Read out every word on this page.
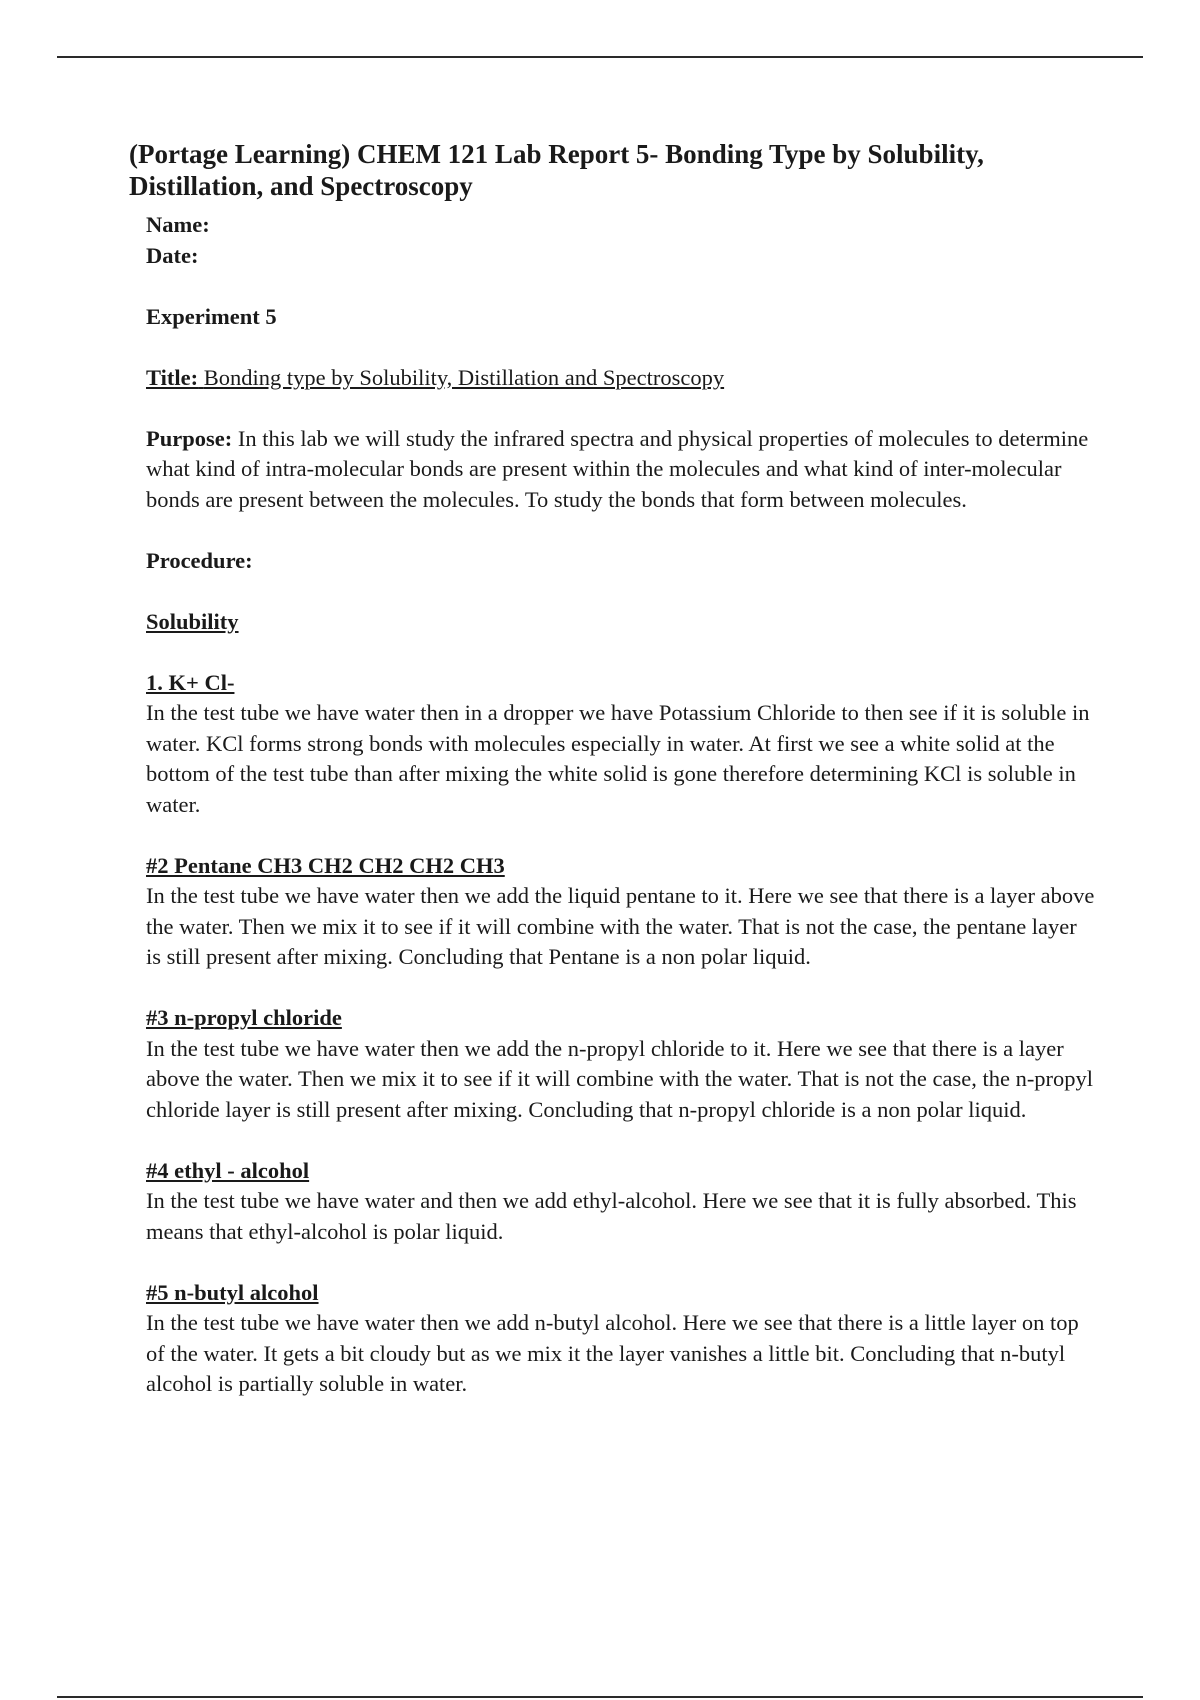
(Portage Learning) CHEM 121 Lab Report 5- Bonding Type by Solubility, Distillation, and Spectroscopy

Name:

Date:

Experiment 5

Title: Bonding type by Solubility, Distillation and Spectroscopy

Purpose: In this lab we will study the infrared spectra and physical properties of molecules to determine what kind of intra-molecular bonds are present within the molecules and what kind of inter-molecular bonds are present between the molecules. To study the bonds that form between molecules.

Procedure:

Solubility

1. K+ Cl-

In the test tube we have water then in a dropper we have Potassium Chloride to then see if it is soluble in water. KCl forms strong bonds with molecules especially in water. At first we see a white solid at the bottom of the test tube than after mixing the white solid is gone therefore determining KCl is soluble in water.

#2 Pentane CH3 CH2 CH2 CH2 CH3

In the test tube we have water then we add the liquid pentane to it. Here we see that there is a layer above the water. Then we mix it to see if it will combine with the water. That is not the case, the pentane layer is still present after mixing. Concluding that Pentane is a non polar liquid.

#3 n-propyl chloride

In the test tube we have water then we add the n-propyl chloride to it. Here we see that there is a layer above the water. Then we mix it to see if it will combine with the water. That is not the case, the n-propyl chloride layer is still present after mixing. Concluding that n-propyl chloride is a non polar liquid.

#4 ethyl - alcohol

In the test tube we have water and then we add ethyl-alcohol. Here we see that it is fully absorbed. This means that ethyl-alcohol is polar liquid.

#5 n-butyl alcohol

In the test tube we have water then we add n-butyl alcohol. Here we see that there is a little layer on top of the water. It gets a bit cloudy but as we mix it the layer vanishes a little bit. Concluding that n-butyl alcohol is partially soluble in water.
